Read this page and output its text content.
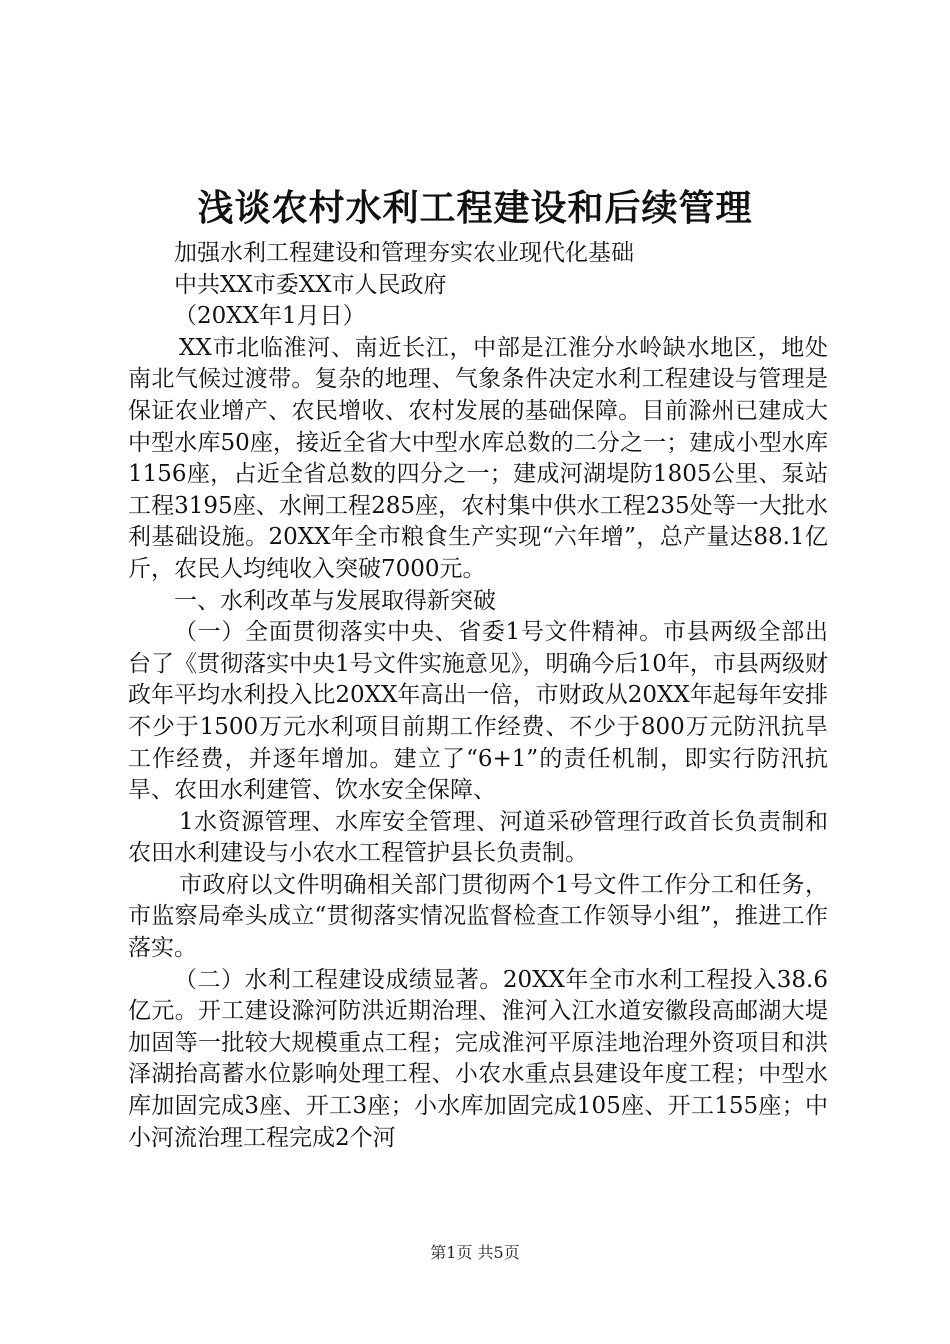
浅谈农村水利工程建设和后续管理

加强水利工程建设和管理夯实农业现代化基础

中共XX市委XX市人民政府

（20XX年1月日）

XX市北临淮河、南近长江，中部是江淮分水岭缺水地区，地处南北气候过渡带。复杂的地理、气象条件决定水利工程建设与管理是保证农业增产、农民增收、农村发展的基础保障。目前滁州已建成大中型水库50座，接近全省大中型水库总数的二分之一；建成小型水库1156座，占近全省总数的四分之一；建成河湖堤防1805公里、泵站工程3195座、水闸工程285座，农村集中供水工程235处等一大批水利基础设施。20XX年全市粮食生产实现“六年增”，总产量达88.1亿斤，农民人均纯收入突破7000元。

一、水利改革与发展取得新突破

（一）全面贯彻落实中央、省委1号文件精神。市县两级全部出台了《贯彻落实中央1号文件实施意见》，明确今后10年，市县两级财政年平均水利投入比20XX年高出一倍，市财政从20XX年起每年安排不少于1500万元水利项目前期工作经费、不少于800万元防汛抗旱工作经费，并逐年增加。建立了“6+1”的责任机制，即实行防汛抗旱、农田水利建管、饮水安全保障、

1水资源管理、水库安全管理、河道采砂管理行政首长负责制和农田水利建设与小农水工程管护县长负责制。

市政府以文件明确相关部门贯彻两个1号文件工作分工和任务，市监察局牵头成立“贯彻落实情况监督检查工作领导小组”，推进工作落实。

（二）水利工程建设成绩显著。20XX年全市水利工程投入38.6亿元。开工建设滁河防洪近期治理、淮河入江水道安徽段高邮湖大堤加固等一批较大规模重点工程；完成淮河平原洼地治理外资项目和洪泽湖抬高蓄水位影响处理工程、小农水重点县建设年度工程；中型水库加固完成3座、开工3座；小水库加固完成105座、开工155座；中小河流治理工程完成2个河

第1页 共5页
